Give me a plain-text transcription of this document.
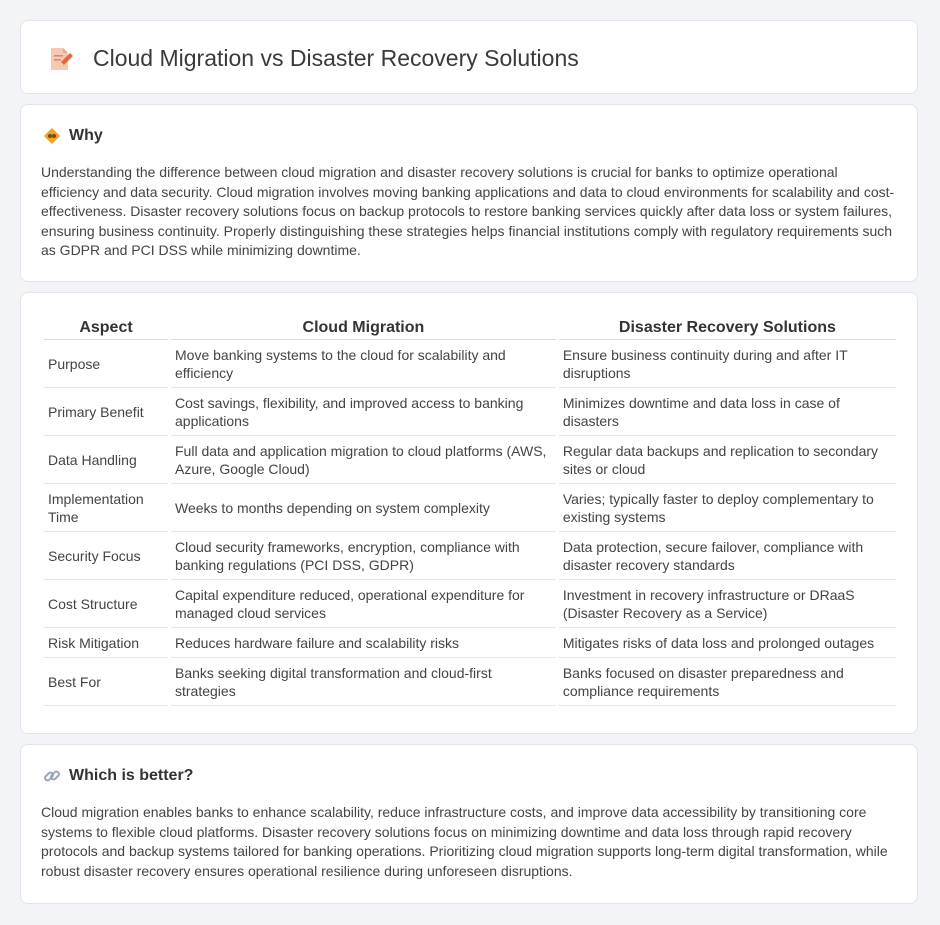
Cloud Migration vs Disaster Recovery Solutions
Why

Understanding the difference between cloud migration and disaster recovery solutions is crucial for banks to optimize operational efficiency and data security. Cloud migration involves moving banking applications and data to cloud environments for scalability and cost-effectiveness. Disaster recovery solutions focus on backup protocols to restore banking services quickly after data loss or system failures, ensuring business continuity. Properly distinguishing these strategies helps financial institutions comply with regulatory requirements such as GDPR and PCI DSS while minimizing downtime.

Aspect	Cloud Migration	Disaster Recovery Solutions
Purpose	Move banking systems to the cloud for scalability and efficiency	Ensure business continuity during and after IT disruptions
Primary Benefit	Cost savings, flexibility, and improved access to banking applications	Minimizes downtime and data loss in case of disasters
Data Handling	Full data and application migration to cloud platforms (AWS, Azure, Google Cloud)	Regular data backups and replication to secondary sites or cloud
Implementation Time	Weeks to months depending on system complexity	Varies; typically faster to deploy complementary to existing systems
Security Focus	Cloud security frameworks, encryption, compliance with banking regulations (PCI DSS, GDPR)	Data protection, secure failover, compliance with disaster recovery standards
Cost Structure	Capital expenditure reduced, operational expenditure for managed cloud services	Investment in recovery infrastructure or DRaaS (Disaster Recovery as a Service)
Risk Mitigation	Reduces hardware failure and scalability risks	Mitigates risks of data loss and prolonged outages
Best For	Banks seeking digital transformation and cloud-first strategies	Banks focused on disaster preparedness and compliance requirements
Which is better?

Cloud migration enables banks to enhance scalability, reduce infrastructure costs, and improve data accessibility by transitioning core systems to flexible cloud platforms. Disaster recovery solutions focus on minimizing downtime and data loss through rapid recovery protocols and backup systems tailored for banking operations. Prioritizing cloud migration supports long-term digital transformation, while robust disaster recovery ensures operational resilience during unforeseen disruptions.
